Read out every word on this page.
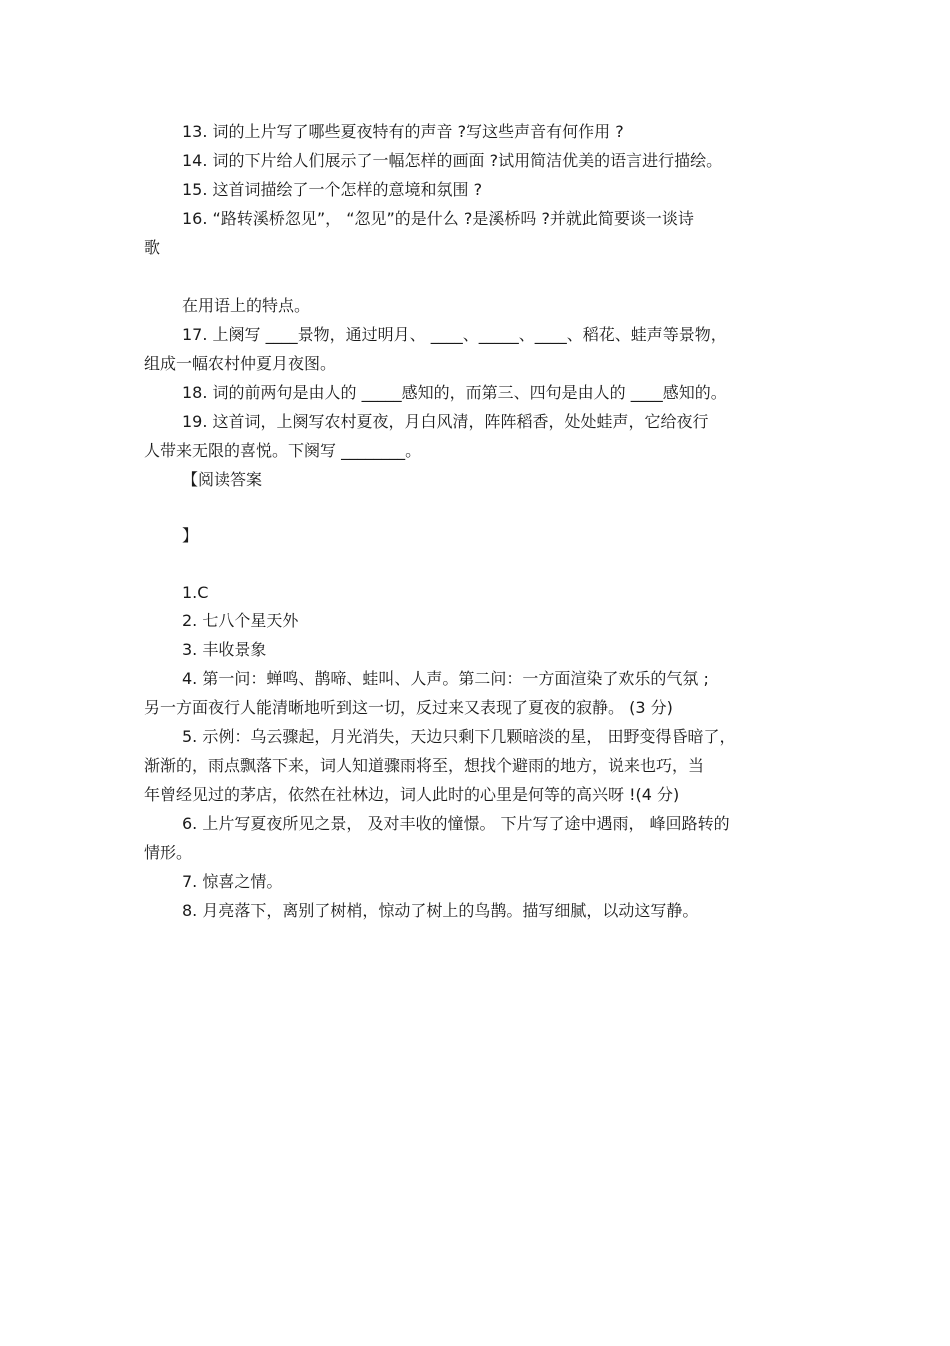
13. 词的上片写了哪些夏夜特有的声音 ?写这些声音有何作用 ?
14. 词的下片给人们展示了一幅怎样的画面 ?试用简洁优美的语言进行描绘。
15. 这首词描绘了一个怎样的意境和氛围 ?
16. “路转溪桥忽见”， “忽见”的是什么 ?是溪桥吗 ?并就此简要谈一谈诗
歌
在用语上的特点。
17. 上阕写 ____景物，通过明月、 ____、_____、____、稻花、蛙声等景物，
组成一幅农村仲夏月夜图。
18. 词的前两句是由人的 _____感知的，而第三、四句是由人的 ____感知的。
19. 这首词，上阕写农村夏夜，月白风清，阵阵稻香，处处蛙声，它给夜行
人带来无限的喜悦。下阕写 ________。
【阅读答案
】
1.C
2. 七八个星天外
3. 丰收景象
4. 第一问：蝉鸣、鹊啼、蛙叫、人声。第二问：一方面渲染了欢乐的气氛 ;
另一方面夜行人能清晰地听到这一切，反过来又表现了夏夜的寂静。 (3 分)
5. 示例：乌云骤起，月光消失，天边只剩下几颗暗淡的星， 田野变得昏暗了，
渐渐的，雨点飘落下来，词人知道骤雨将至，想找个避雨的地方，说来也巧，当
年曾经见过的茅店，依然在社林边，词人此时的心里是何等的高兴呀 !(4 分)
6. 上片写夏夜所见之景， 及对丰收的憧憬。 下片写了途中遇雨， 峰回路转的
情形。
7. 惊喜之情。
8. 月亮落下，离别了树梢，惊动了树上的鸟鹊。描写细腻，以动这写静。
